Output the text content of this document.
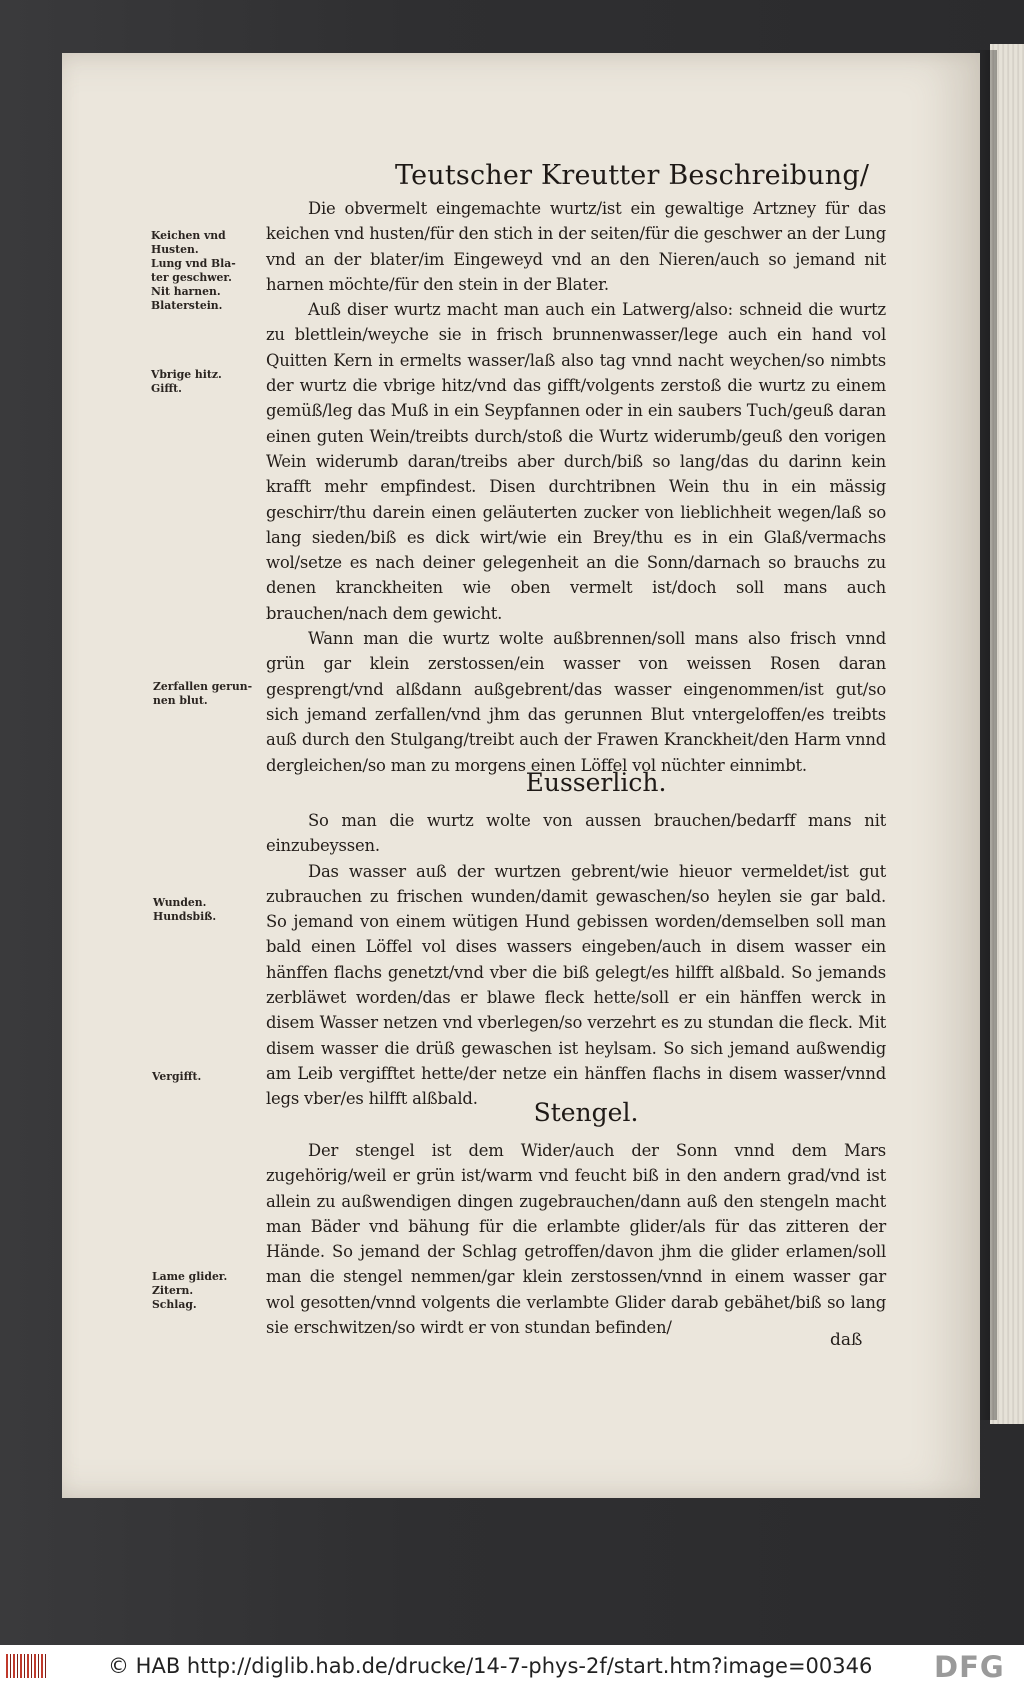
Teutscher Kreutter Beschreibung/
Keichen vnd
Husten.
Lung vnd Bla-
ter geschwer.
Nit harnen.
Blaterstein.
Vbrige hitz.
Gifft.
Zerfallen gerun-
nen blut.
Wunden.
Hundsbiß.
Vergifft.
Lame glider.
Zitern.
Schlag.

Die obvermelt eingemachte wurtz/ist ein gewaltige Artzney für das keichen vnd husten/für den stich in der seiten/für die geschwer an der Lung vnd an der blater/im Eingeweyd vnd an den Nieren/auch so jemand nit harnen möchte/für den stein in der Blater.

Auß diser wurtz macht man auch ein Latwerg/also: schneid die wurtz zu blettlein/weyche sie in frisch brunnenwasser/lege auch ein hand vol Quitten Kern in ermelts wasser/laß also tag vnnd nacht weychen/so nimbts der wurtz die vbrige hitz/vnd das gifft/volgents zerstoß die wurtz zu einem gemüß/leg das Muß in ein Seypfannen oder in ein saubers Tuch/geuß daran einen guten Wein/treibts durch/stoß die Wurtz widerumb/geuß den vorigen Wein widerumb daran/treibs aber durch/biß so lang/das du darinn kein krafft mehr empfindest. Disen durchtribnen Wein thu in ein mässig geschirr/thu darein einen geläuterten zucker von lieblichheit wegen/laß so lang sieden/biß es dick wirt/wie ein Brey/thu es in ein Glaß/vermachs wol/setze es nach deiner gelegenheit an die Sonn/darnach so brauchs zu denen kranckheiten wie oben vermelt ist/doch soll mans auch brauchen/nach dem gewicht.

Wann man die wurtz wolte außbrennen/soll mans also frisch vnnd grün gar klein zerstossen/ein wasser von weissen Rosen daran gesprengt/vnd alßdann außgebrent/das wasser eingenommen/ist gut/so sich jemand zerfallen/vnd jhm das gerunnen Blut vntergeloffen/es treibts auß durch den Stulgang/treibt auch der Frawen Kranckheit/den Harm vnnd dergleichen/so man zu morgens einen Löffel vol nüchter einnimbt.

Eusserlich.

So man die wurtz wolte von aussen brauchen/bedarff mans nit einzubeyssen.

Das wasser auß der wurtzen gebrent/wie hieuor vermeldet/ist gut zubrauchen zu frischen wunden/damit gewaschen/so heylen sie gar bald. So jemand von einem wütigen Hund gebissen worden/demselben soll man bald einen Löffel vol dises wassers eingeben/auch in disem wasser ein hänffen flachs genetzt/vnd vber die biß gelegt/es hilfft alßbald. So jemands zerbläwet worden/das er blawe fleck hette/soll er ein hänffen werck in disem Wasser netzen vnd vberlegen/so verzehrt es zu stundan die fleck. Mit disem wasser die drüß gewaschen ist heylsam. So sich jemand außwendig am Leib vergifftet hette/der netze ein hänffen flachs in disem wasser/vnnd legs vber/es hilfft alßbald.	Stengel.

Der stengel ist dem Wider/auch der Sonn vnnd dem Mars zugehörig/weil er grün ist/warm vnd feucht biß in den andern grad/vnd ist allein zu außwendigen dingen zugebrauchen/dann auß den stengeln macht man Bäder vnd bähung für die erlambte glider/als für das zitteren der Hände. So jemand der Schlag getroffen/davon jhm die glider erlamen/soll man die stengel nemmen/gar klein zerstossen/vnnd in einem wasser gar wol gesotten/vnnd volgents die verlambte Glider darab gebähet/biß so lang sie erschwitzen/so wirdt er von stundan befinden/

daß
© HAB http://diglib.hab.de/drucke/14-7-phys-2f/start.htm?image=00346 DFG
